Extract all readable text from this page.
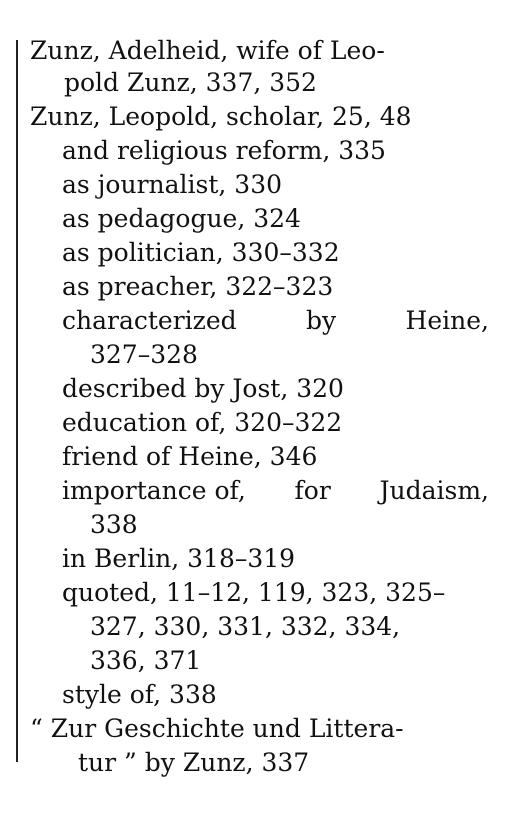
Zunz, Adelheid, wife of Leo-
pold Zunz, 337, 352
Zunz, Leopold, scholar, 25, 48
and religious reform, 335
as journalist, 330
as pedagogue, 324
as politician, 330–332
as preacher, 322–323
characterized	by	Heine,
327–328
described by Jost, 320
education of, 320–322
friend of Heine, 346
importance of, for Judaism,
338
in Berlin, 318–319
quoted, 11–12, 119, 323, 325–
327, 330, 331, 332, 334,
336, 371
style of, 338
“ Zur Geschichte und Littera-
tur ” by Zunz, 337
